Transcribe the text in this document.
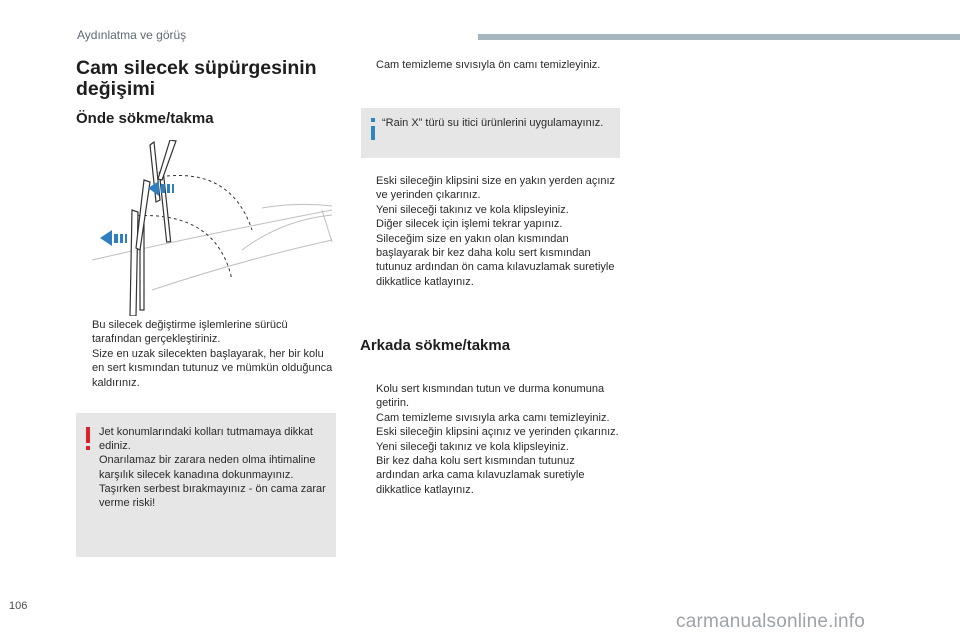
Aydınlatma ve görüş
Cam silecek süpürgesinin değişimi
Önde sökme/takma
Bu silecek değiştirme işlemlerine sürücü tarafından gerçekleştiriniz.
Size en uzak silecekten başlayarak, her bir kolu en sert kısmından tutunuz ve mümkün olduğunca kaldırınız.
Jet konumlarındaki kolları tutmamaya dikkat ediniz.
Onarılamaz bir zarara neden olma ihtimaline karşılık silecek kanadına dokunmayınız.
Taşırken serbest bırakmayınız - ön cama zarar verme riski!
Cam temizleme sıvısıyla ön camı temizleyiniz.
“Rain X” türü su itici ürünlerini uygulamayınız.
Eski sileceğin klipsini size en yakın yerden açınız ve yerinden çıkarınız.
Yeni sileceği takınız ve kola klipsleyiniz.
Diğer silecek için işlemi tekrar yapınız.
Sileceğim size en yakın olan kısmından başlayarak bir kez daha kolu sert kısmından tutunuz ardından ön cama kılavuzlamak suretiyle dikkatlice katlayınız.
Arkada sökme/takma
Kolu sert kısmından tutun ve durma konumuna getirin.
Cam temizleme sıvısıyla arka camı temizleyiniz.
Eski sileceğin klipsini açınız ve yerinden çıkarınız.
Yeni sileceği takınız ve kola klipsleyiniz.
Bir kez daha kolu sert kısmından tutunuz ardından arka cama kılavuzlamak suretiyle dikkatlice katlayınız.
106
carmanualsonline.info
